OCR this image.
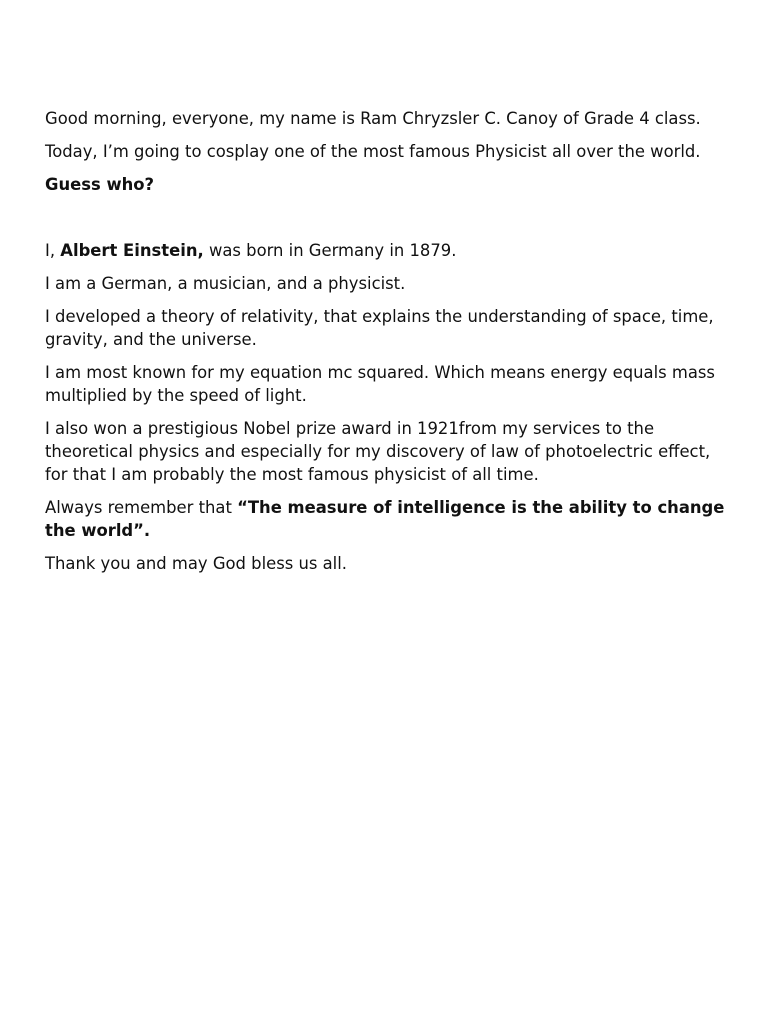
Good morning, everyone, my name is Ram Chryzsler C. Canoy of Grade 4 class.

Today, I’m going to cosplay one of the most famous Physicist all over the world.

Guess who?

I, Albert Einstein, was born in Germany in 1879.

I am a German, a musician, and a physicist.

I developed a theory of relativity, that explains the understanding of space, time, gravity, and the universe.

I am most known for my equation mc squared. Which means energy equals mass multiplied by the speed of light.

I also won a prestigious Nobel prize award in 1921from my services to the theoretical physics and especially for my discovery of law of photoelectric effect, for that I am probably the most famous physicist of all time.

Always remember that “The measure of intelligence is the ability to change the world”.

Thank you and may God bless us all.
